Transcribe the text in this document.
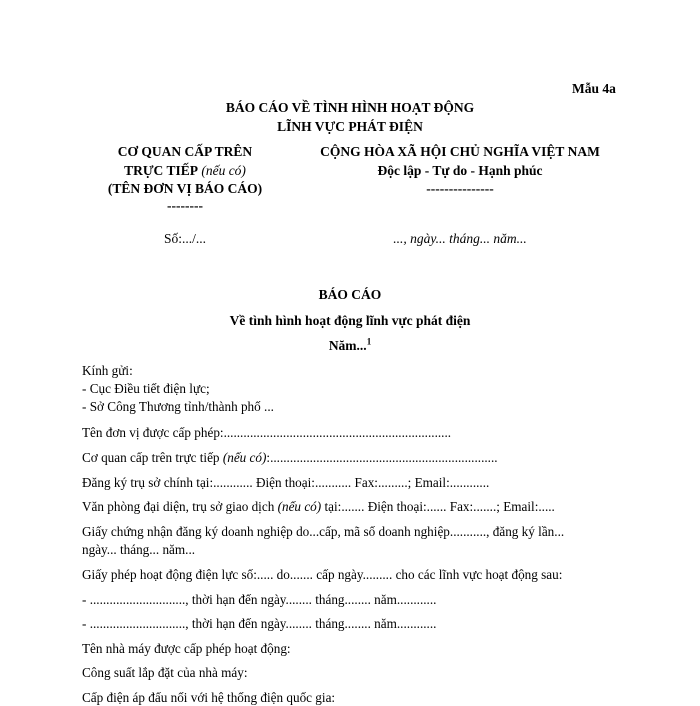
Mẫu 4a
BÁO CÁO VỀ TÌNH HÌNH HOẠT ĐỘNG
LĨNH VỰC PHÁT ĐIỆN
CƠ QUAN CẤP TRÊN
TRỰC TIẾP (nếu có)
(TÊN ĐƠN VỊ BÁO CÁO)
--------
Số:.../...
CỘNG HÒA XÃ HỘI CHỦ NGHĨA VIỆT NAM
Độc lập - Tự do - Hạnh phúc
---------------
..., ngày... tháng... năm...
BÁO CÁO
Về tình hình hoạt động lĩnh vực phát điện
Năm...$^1$
Kính gửi:
- Cục Điều tiết điện lực;
- Sở Công Thương tỉnh/thành phố ...
Tên đơn vị được cấp phép:.....................................................................
Cơ quan cấp trên trực tiếp (nếu có):.....................................................................
Đăng ký trụ sở chính tại:............ Điện thoại:........... Fax:.........; Email:............
Văn phòng đại diện, trụ sở giao dịch (nếu có) tại:....... Điện thoại:...... Fax:.......; Email:.....
Giấy chứng nhận đăng ký doanh nghiệp do...cấp, mã số doanh nghiệp..........., đăng ký lần...
ngày... tháng... năm...
Giấy phép hoạt động điện lực số:..... do....... cấp ngày......... cho các lĩnh vực hoạt động sau:
- ............................., thời hạn đến ngày........ tháng........ năm............
- ............................., thời hạn đến ngày........ tháng........ năm............
Tên nhà máy được cấp phép hoạt động:
Công suất lắp đặt của nhà máy:
Cấp điện áp đấu nối với hệ thống điện quốc gia:
